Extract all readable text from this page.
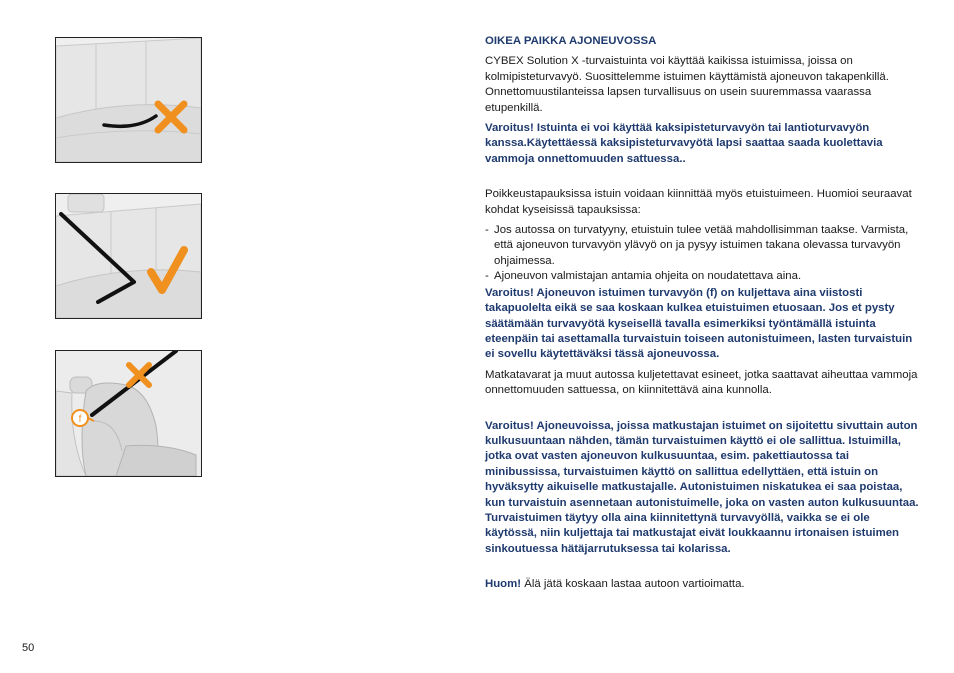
f
OIKEA PAIKKA AJONEUVOSSA

CYBEX Solution X -turvaistuinta voi käyttää kaikissa istuimissa, joissa on kolmipisteturvavyö. Suosittelemme istuimen käyttämistä ajoneuvon takapenkillä. Onnettomuustilanteissa lapsen turvallisuus on usein suuremmassa vaarassa etupenkillä.

Varoitus! Istuinta ei voi käyttää kaksipisteturvavyön tai lantioturvavyön kanssa.Käytettäessä kaksipisteturvavyötä lapsi saattaa saada kuolettavia vammoja onnettomuuden sattuessa..

Poikkeustapauksissa istuin voidaan kiinnittää myös etuistuimeen. Huomioi seuraavat kohdat kyseisissä tapauksissa:

- Jos autossa on turvatyyny, etuistuin tulee vetää mahdollisimman taakse. Varmista, että ajoneuvon turvavyön ylävyö on ja pysyy istuimen takana olevassa turvavyön ohjaimessa.
- Ajoneuvon valmistajan antamia ohjeita on noudatettava aina.

Varoitus! Ajoneuvon istuimen turvavyön (f) on kuljettava aina viistosti takapuolelta eikä se saa koskaan kulkea etuistuimen etuosaan. Jos et pysty säätämään turvavyötä kyseisellä tavalla esimerkiksi työntämällä istuinta eteenpäin tai asettamalla turvaistuin toiseen autonistuimeen, lasten turvaistuin ei sovellu käytettäväksi tässä ajoneuvossa.

Matkatavarat ja muut autossa kuljetettavat esineet, jotka saattavat aiheuttaa vammoja onnettomuuden sattuessa, on kiinnitettävä aina kunnolla.

Varoitus! Ajoneuvoissa, joissa matkustajan istuimet on sijoitettu sivuttain auton kulkusuuntaan nähden, tämän turvaistuimen käyttö ei ole sallittua. Istuimilla, jotka ovat vasten ajoneuvon kulkusuuntaa, esim. pakettiautossa tai minibussissa, turvaistuimen käyttö on sallittua edellyttäen, että istuin on hyväksytty aikuiselle matkustajalle. Autonistuimen niskatukea ei saa poistaa, kun turvaistuin asennetaan autonistuimelle, joka on vasten auton kulkusuuntaa. Turvaistuimen täytyy olla aina kiinnitettynä turvavyöllä, vaikka se ei ole käytössä, niin kuljettaja tai matkustajat eivät loukkaannu irtonaisen istuimen sinkoutuessa hätäjarrutuksessa tai kolarissa.

Huom! Älä jätä koskaan lastaa autoon vartioimatta.

50
